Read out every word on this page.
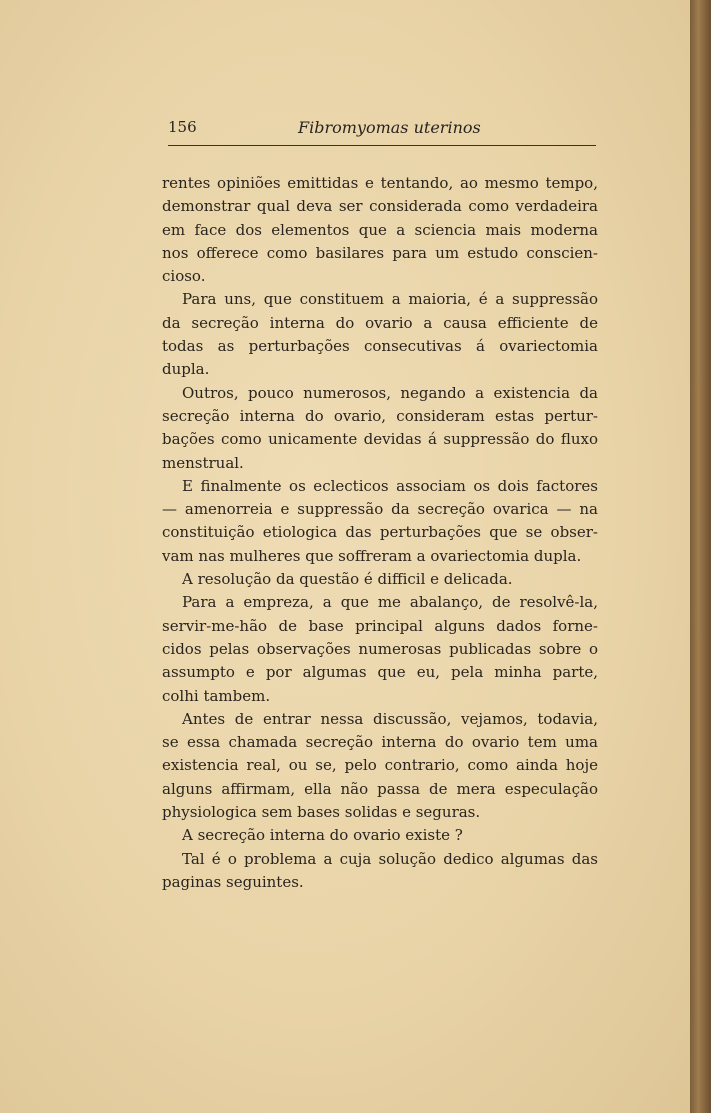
156	Fibromyomas uterinos
rentes opiniões emittidas e tentando, ao mesmo tempo,
demonstrar qual deva ser considerada como verdadeira
em face dos elementos que a sciencia mais moderna
nos offerece como basilares para um estudo conscien-
cioso.
Para uns, que constituem a maioria, é a suppressão
da secreção interna do ovario a causa efficiente de
todas as perturbações consecutivas á ovariectomia
dupla.
Outros, pouco numerosos, negando a existencia da
secreção interna do ovario, consideram estas pertur-
bações como unicamente devidas á suppressão do fluxo
menstrual.
E finalmente os eclecticos associam os dois factores
— amenorreia e suppressão da secreção ovarica — na
constituição etiologica das perturbações que se obser-
vam nas mulheres que soffreram a ovariectomia dupla.
A resolução da questão é difficil e delicada.
Para a empreza, a que me abalanço, de resolvê-la,
servir-me-hão de base principal alguns dados forne-
cidos pelas observações numerosas publicadas sobre o
assumpto e por algumas que eu, pela minha parte,
colhi tambem.
Antes de entrar nessa discussão, vejamos, todavia,
se essa chamada secreção interna do ovario tem uma
existencia real, ou se, pelo contrario, como ainda hoje
alguns affirmam, ella não passa de mera especulação
physiologica sem bases solidas e seguras.
A secreção interna do ovario existe ?
Tal é o problema a cuja solução dedico algumas das
paginas seguintes.
